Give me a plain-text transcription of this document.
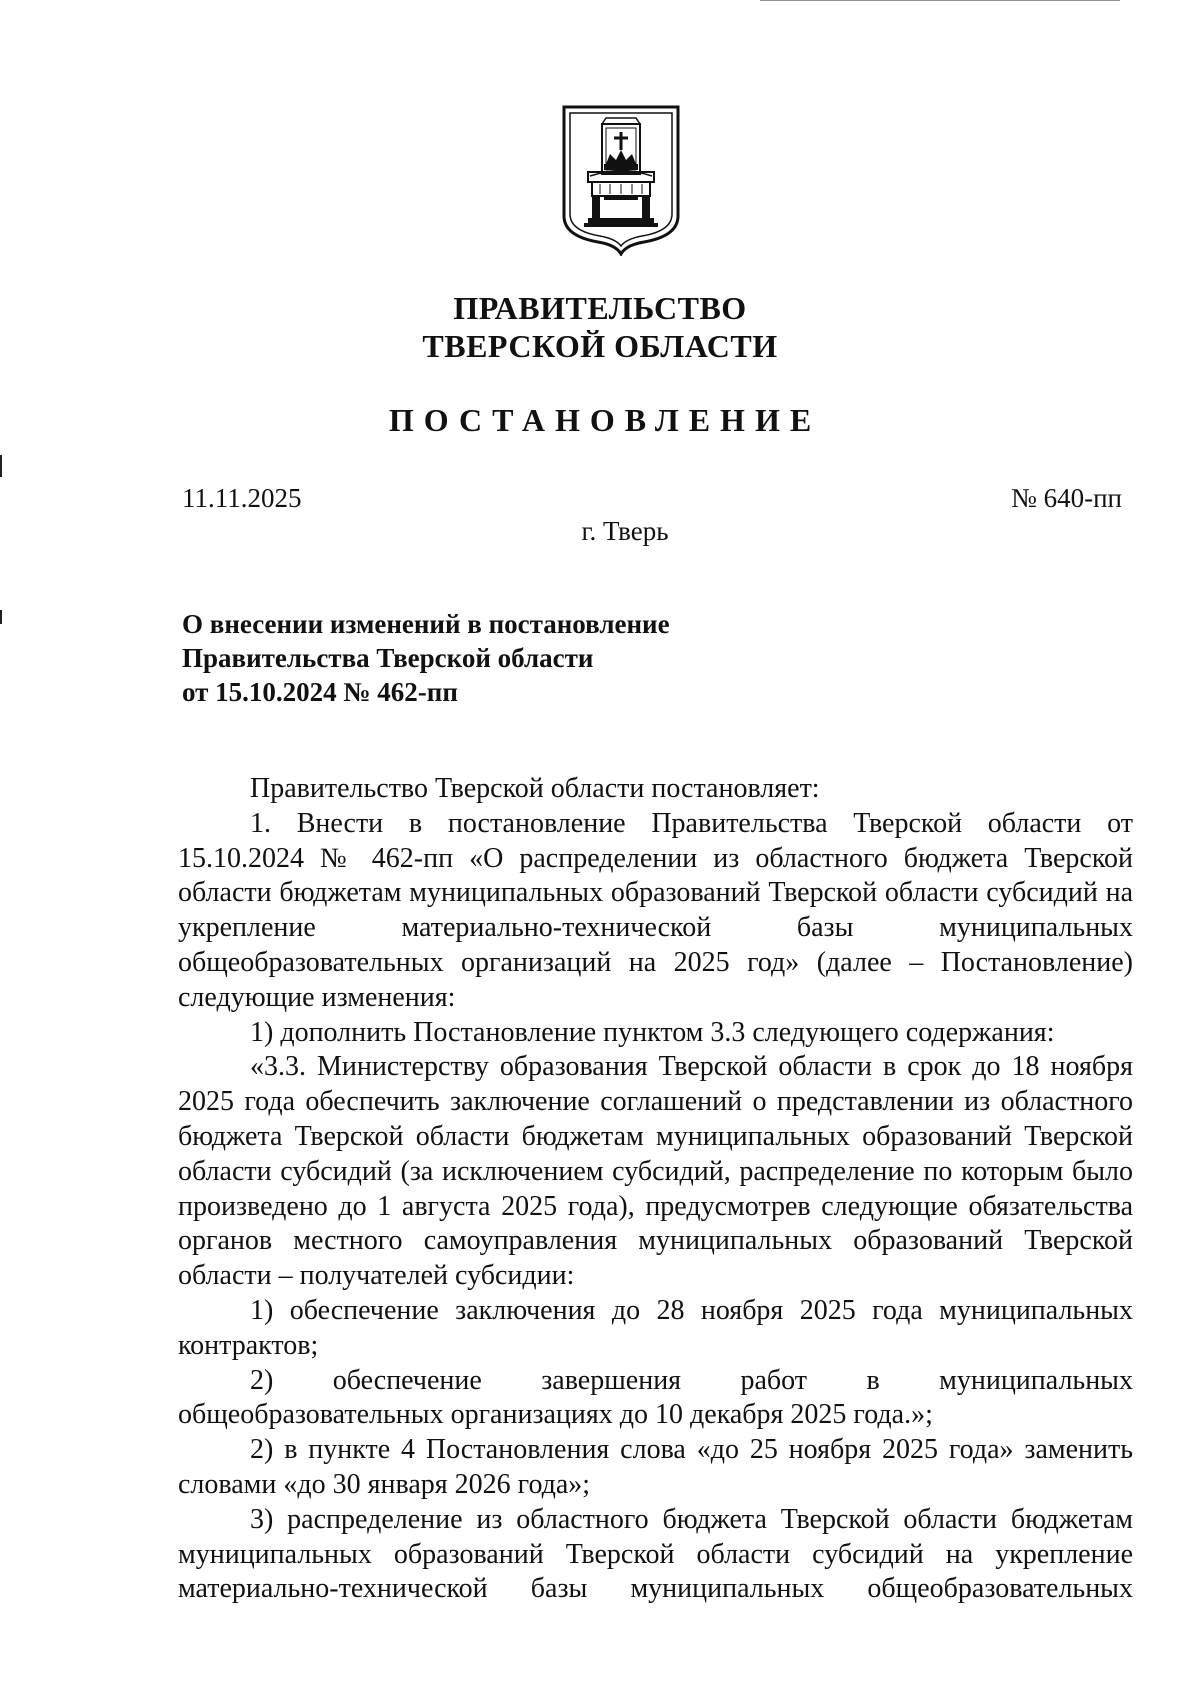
ПРАВИТЕЛЬСТВО
ТВЕРСКОЙ ОБЛАСТИ
ПОСТАНОВЛЕНИЕ
11.11.2025	№ 640-пп
г. Тверь
О внесении изменений в постановление
Правительства Тверской области
от 15.10.2024 № 462-пп

Правительство Тверской области постановляет:

1. Внести в постановление Правительства Тверской области от 15.10.2024 № 462-пп «О распределении из областного бюджета Тверской области бюджетам муниципальных образований Тверской области субсидий на укрепление материально-технической базы муниципальных общеобразовательных организаций на 2025 год» (далее – Постановление) следующие изменения:

1) дополнить Постановление пунктом 3.3 следующего содержания:

«3.3. Министерству образования Тверской области в срок до 18 ноября 2025 года обеспечить заключение соглашений о представлении из областного бюджета Тверской области бюджетам муниципальных образований Тверской области субсидий (за исключением субсидий, распределение по которым было произведено до 1 августа 2025 года), предусмотрев следующие обязательства органов местного самоуправления муниципальных образований Тверской области – получателей субсидии:

1) обеспечение заключения до 28 ноября 2025 года муниципальных контрактов;

2) обеспечение завершения работ в муниципальных общеобразовательных организациях до 10 декабря 2025 года.»;

2) в пункте 4 Постановления слова «до 25 ноября 2025 года» заменить словами «до 30 января 2026 года»;

3) распределение из областного бюджета Тверской области бюджетам муниципальных образований Тверской области субсидий на укрепление материально-технической базы муниципальных общеобразовательных
